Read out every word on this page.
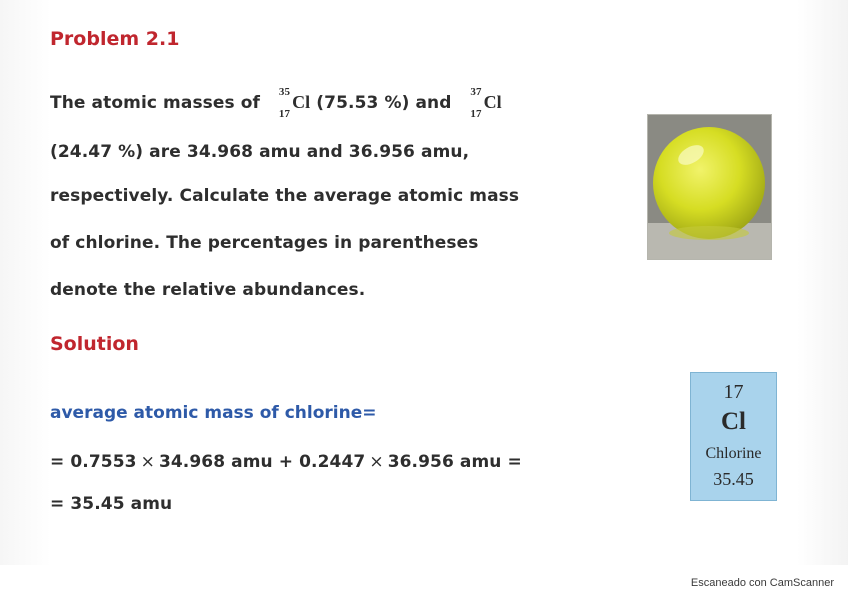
Problem 2.1
The atomic masses of
35
17
Cl (75.53 %) and
37
17
Cl
(24.47 %) are 34.968 amu and 36.956 amu,
respectively. Calculate the average atomic mass
of chlorine. The percentages in parentheses
denote the relative abundances.
Solution
average atomic mass of chlorine=
= 0.7553 × 34.968 amu + 0.2447 × 36.956 amu =
= 35.45 amu
17
Cl
Chlorine
35.45
Escaneado con CamScanner
